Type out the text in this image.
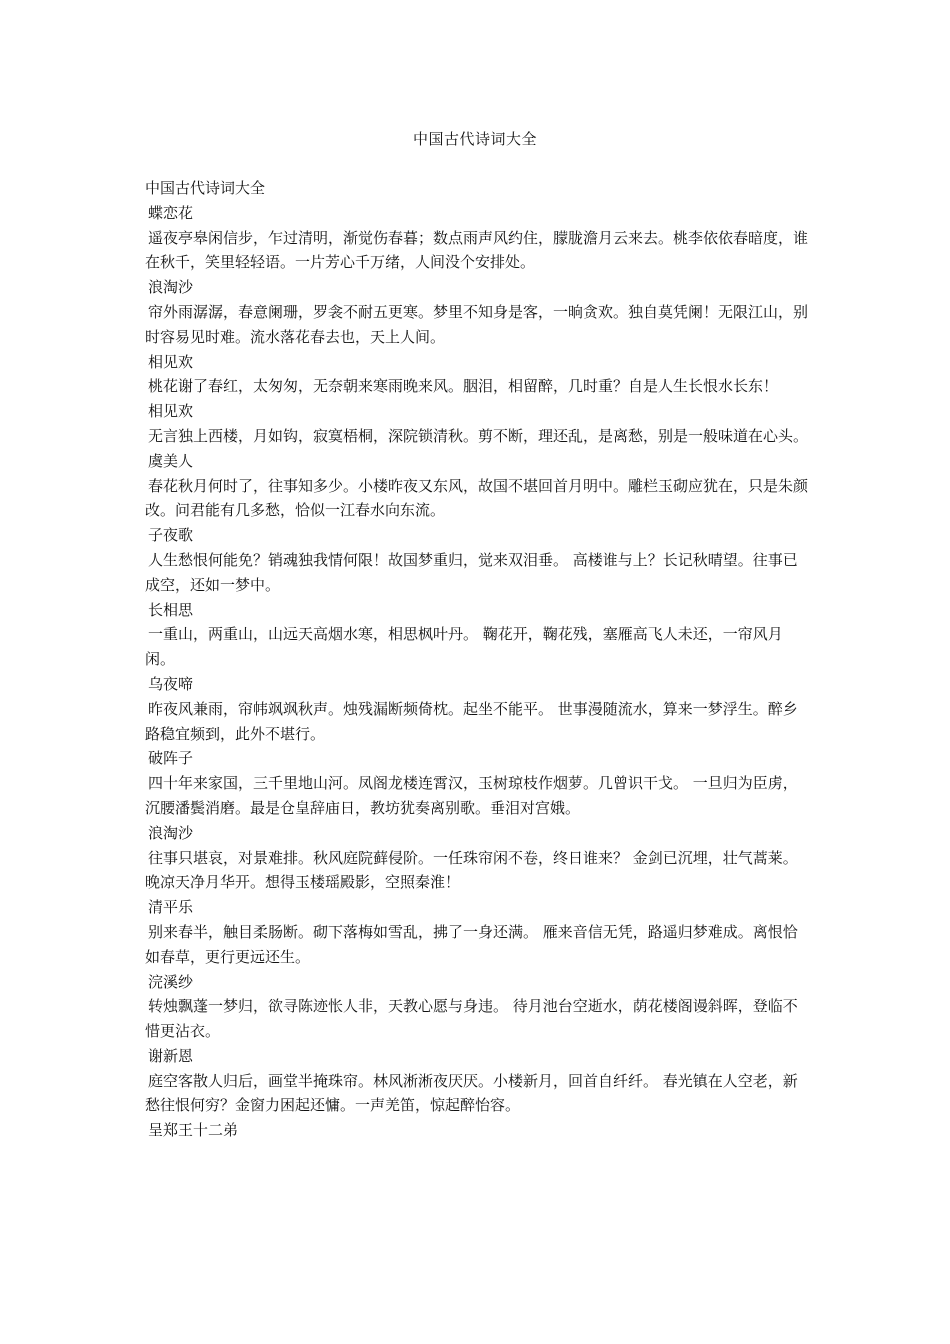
中国古代诗词大全

中国古代诗词大全

蝶恋花

遥夜亭皋闲信步，乍过清明，渐觉伤春暮；数点雨声风约住，朦胧澹月云来去。桃李依依春暗度，谁在秋千，笑里轻轻语。一片芳心千万绪，人间没个安排处。

浪淘沙

帘外雨潺潺，春意阑珊，罗衾不耐五更寒。梦里不知身是客，一晌贪欢。独自莫凭阑！无限江山，别时容易见时难。流水落花春去也，天上人间。

相见欢

桃花谢了春红，太匆匆，无奈朝来寒雨晚来风。胭泪，相留醉，几时重？自是人生长恨水长东！

相见欢

无言独上西楼，月如钩，寂寞梧桐，深院锁清秋。剪不断，理还乱，是离愁，别是一般味道在心头。

虞美人

春花秋月何时了，往事知多少。小楼昨夜又东风，故国不堪回首月明中。雕栏玉砌应犹在，只是朱颜改。问君能有几多愁，恰似一江春水向东流。

子夜歌

人生愁恨何能免？销魂独我情何限！故国梦重归，觉来双泪垂。 高楼谁与上？长记秋晴望。往事已成空，还如一梦中。

长相思

一重山，两重山，山远天高烟水寒，相思枫叶丹。 鞠花开，鞠花残，塞雁高飞人未还，一帘风月闲。

乌夜啼

昨夜风兼雨，帘帏飒飒秋声。烛残漏断频倚枕。起坐不能平。 世事漫随流水，算来一梦浮生。醉乡路稳宜频到，此外不堪行。

破阵子

四十年来家国，三千里地山河。凤阁龙楼连霄汉，玉树琼枝作烟萝。几曾识干戈。 一旦归为臣虏，沉腰潘鬓消磨。最是仓皇辞庙日，教坊犹奏离别歌。垂泪对宫娥。

浪淘沙

往事只堪哀，对景难排。秋风庭院藓侵阶。一任珠帘闲不卷，终日谁来？ 金剑已沉埋，壮气蒿莱。晚凉天净月华开。想得玉楼瑶殿影，空照秦淮！

清平乐

别来春半，触目柔肠断。砌下落梅如雪乱，拂了一身还满。 雁来音信无凭，路遥归梦难成。离恨恰如春草，更行更远还生。

浣溪纱

转烛飘蓬一梦归，欲寻陈迹怅人非，天教心愿与身违。 待月池台空逝水，荫花楼阁谩斜晖，登临不惜更沾衣。

谢新恩

庭空客散人归后，画堂半掩珠帘。林风淅淅夜厌厌。小楼新月，回首自纤纤。 春光镇在人空老，新愁往恨何穷？金窗力困起还慵。一声羌笛，惊起醉怡容。

呈郑王十二弟
